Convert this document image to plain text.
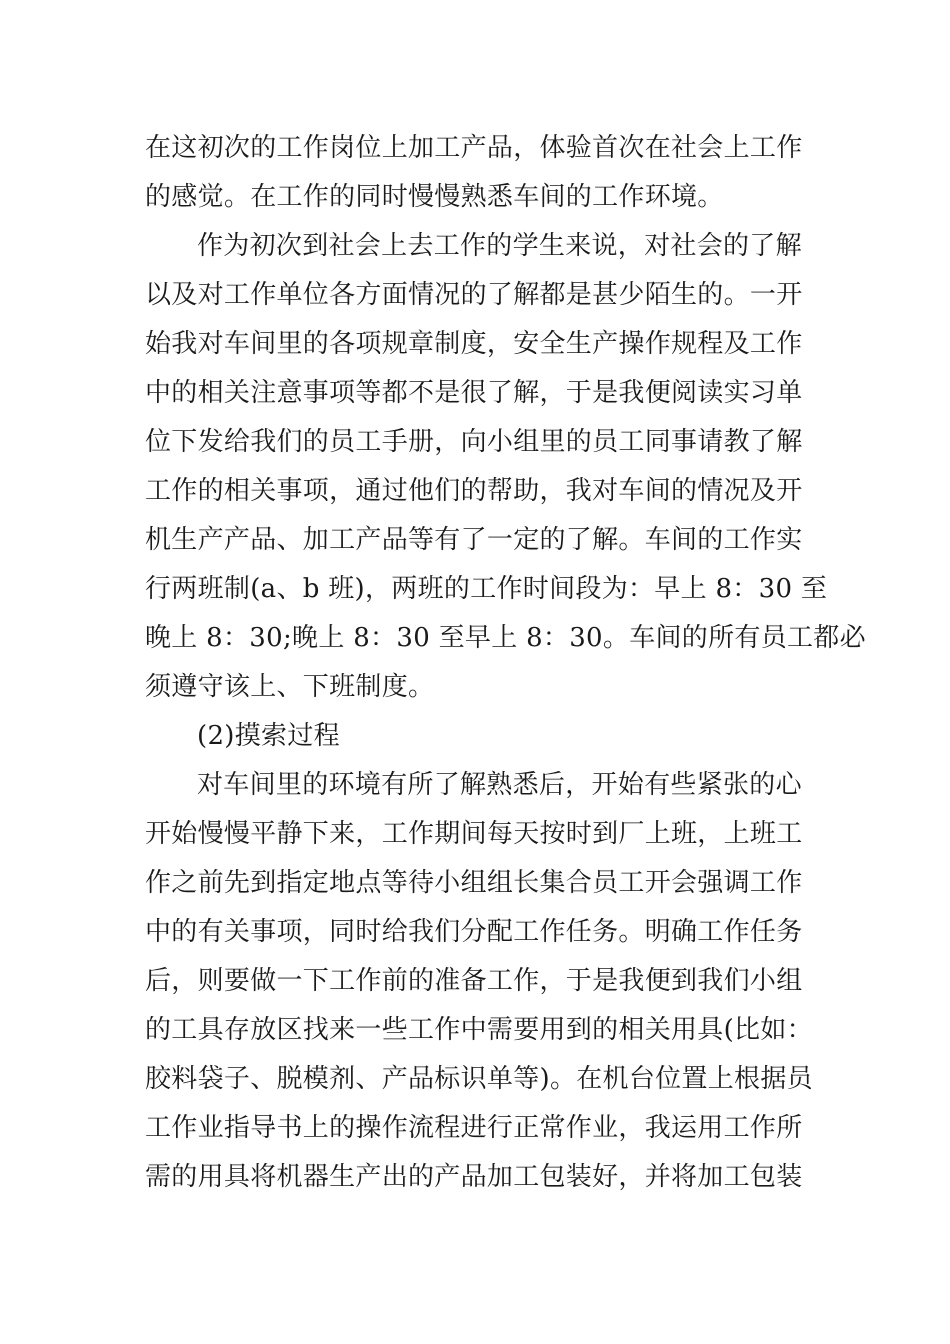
在这初次的工作岗位上加工产品，体验首次在社会上工作
的感觉。在工作的同时慢慢熟悉车间的工作环境。
作为初次到社会上去工作的学生来说，对社会的了解
以及对工作单位各方面情况的了解都是甚少陌生的。一开
始我对车间里的各项规章制度，安全生产操作规程及工作
中的相关注意事项等都不是很了解，于是我便阅读实习单
位下发给我们的员工手册，向小组里的员工同事请教了解
工作的相关事项，通过他们的帮助，我对车间的情况及开
机生产产品、加工产品等有了一定的了解。车间的工作实
行两班制(a、b 班)，两班的工作时间段为：早上 8：30 至
晚上 8：30;晚上 8：30 至早上 8：30。车间的所有员工都必
须遵守该上、下班制度。
(2)摸索过程
对车间里的环境有所了解熟悉后，开始有些紧张的心
开始慢慢平静下来，工作期间每天按时到厂上班，上班工
作之前先到指定地点等待小组组长集合员工开会强调工作
中的有关事项，同时给我们分配工作任务。明确工作任务
后，则要做一下工作前的准备工作，于是我便到我们小组
的工具存放区找来一些工作中需要用到的相关用具(比如：
胶料袋子、脱模剂、产品标识单等)。在机台位置上根据员
工作业指导书上的操作流程进行正常作业，我运用工作所
需的用具将机器生产出的产品加工包装好，并将加工包装
